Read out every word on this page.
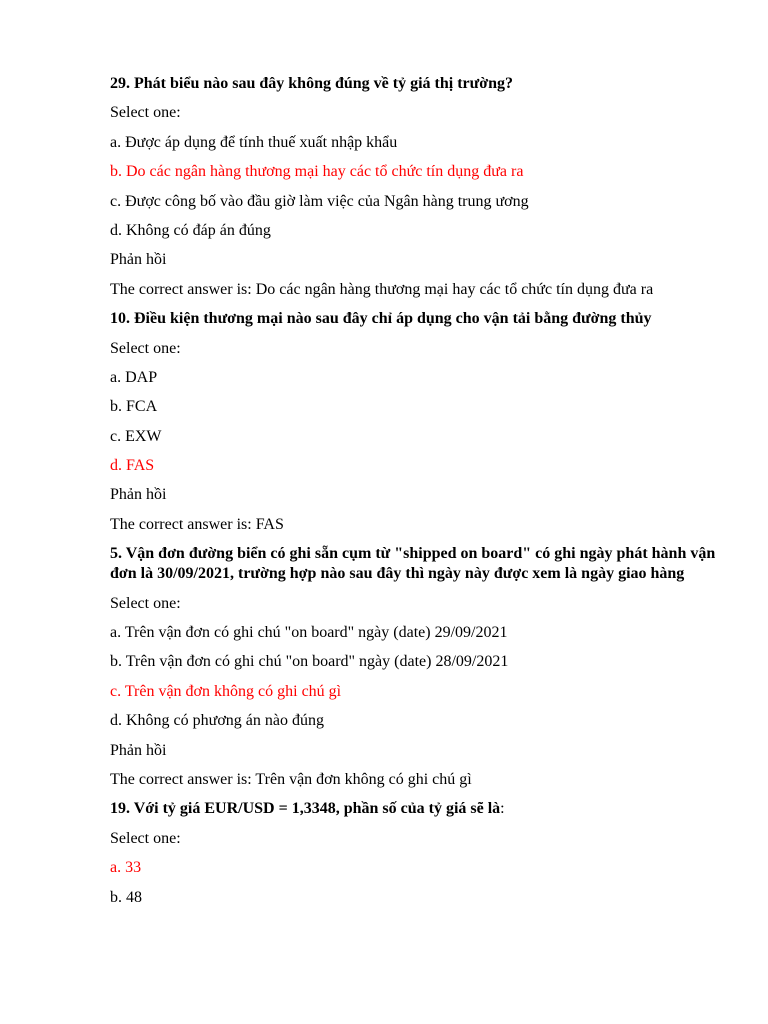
29. Phát biểu nào sau đây không đúng về tỷ giá thị trường?

Select one:

a. Được áp dụng để tính thuế xuất nhập khẩu

b. Do các ngân hàng thương mại hay các tổ chức tín dụng đưa ra

c. Được công bố vào đầu giờ làm việc của Ngân hàng trung ương

d. Không có đáp án đúng

Phản hồi

The correct answer is: Do các ngân hàng thương mại hay các tổ chức tín dụng đưa ra

10. Điều kiện thương mại nào sau đây chỉ áp dụng cho vận tải bằng đường thủy

Select one:

a. DAP

b. FCA

c. EXW

d. FAS

Phản hồi

The correct answer is: FAS

5. Vận đơn đường biển có ghi sẵn cụm từ "shipped on board" có ghi ngày phát hành vận đơn là 30/09/2021, trường hợp nào sau đây thì ngày này được xem là ngày giao hàng

Select one:

a. Trên vận đơn có ghi chú "on board" ngày (date) 29/09/2021

b. Trên vận đơn có ghi chú "on board" ngày (date) 28/09/2021

c. Trên vận đơn không có ghi chú gì

d. Không có phương án nào đúng

Phản hồi

The correct answer is: Trên vận đơn không có ghi chú gì

19. Với tỷ giá EUR/USD = 1,3348, phần số của tỷ giá sẽ là:

Select one:

a. 33

b. 48
